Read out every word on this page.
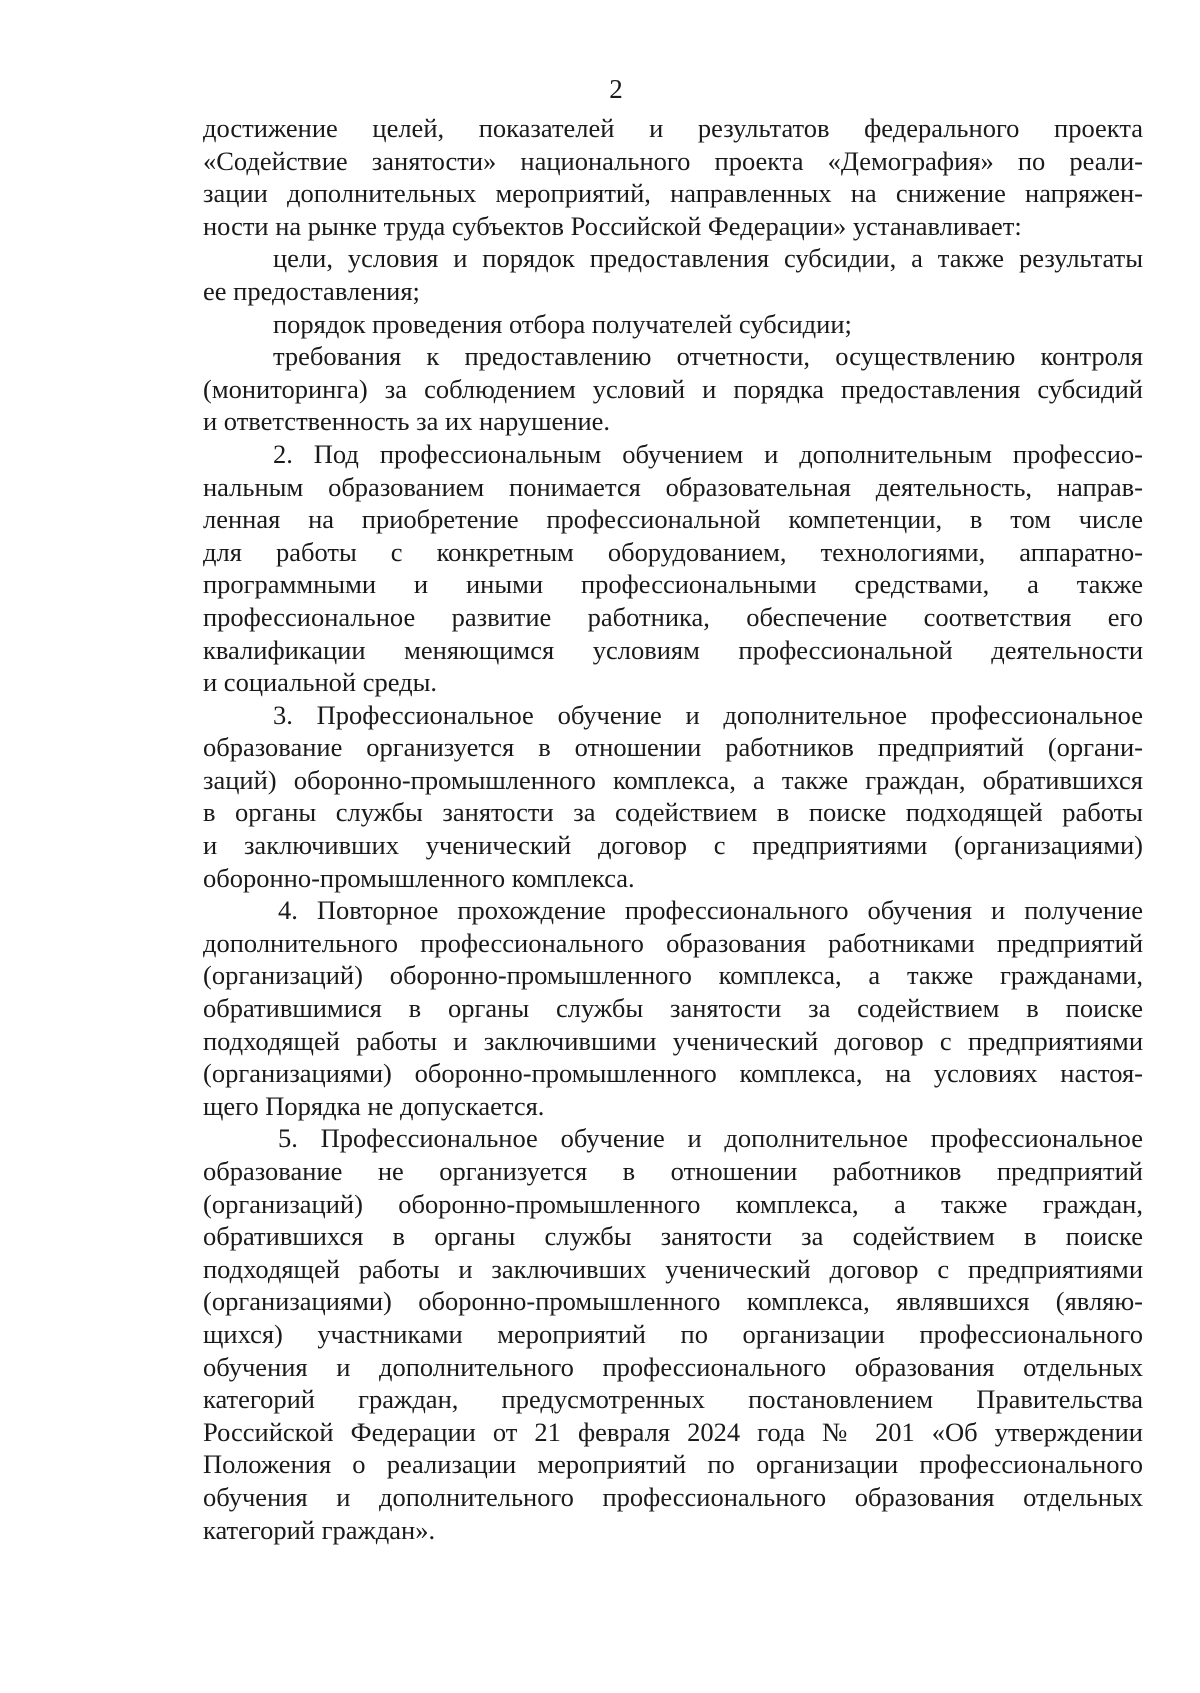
2
достижение целей, показателей и результатов федерального проекта
«Содействие занятости» национального проекта «Демография» по реали-
зации дополнительных мероприятий, направленных на снижение напряжен-
ности на рынке труда субъектов Российской Федерации» устанавливает:
цели, условия и порядок предоставления субсидии, а также результаты
ее предоставления;
порядок проведения отбора получателей субсидии;
требования к предоставлению отчетности, осуществлению контроля
(мониторинга) за соблюдением условий и порядка предоставления субсидий
и ответственность за их нарушение.
2. Под профессиональным обучением и дополнительным профессио-
нальным образованием понимается образовательная деятельность, направ-
ленная на приобретение профессиональной компетенции, в том числе
для работы с конкретным оборудованием, технологиями, аппаратно-
программными и иными профессиональными средствами, а также
профессиональное развитие работника, обеспечение соответствия его
квалификации меняющимся условиям профессиональной деятельности
и социальной среды.
3. Профессиональное обучение и дополнительное профессиональное
образование организуется в отношении работников предприятий (органи-
заций) оборонно-промышленного комплекса, а также граждан, обратившихся
в органы службы занятости за содействием в поиске подходящей работы
и заключивших ученический договор с предприятиями (организациями)
оборонно-промышленного комплекса.
4. Повторное прохождение профессионального обучения и получение
дополнительного профессионального образования работниками предприятий
(организаций) оборонно-промышленного комплекса, а также гражданами,
обратившимися в органы службы занятости за содействием в поиске
подходящей работы и заключившими ученический договор с предприятиями
(организациями) оборонно-промышленного комплекса, на условиях настоя-
щего Порядка не допускается.
5. Профессиональное обучение и дополнительное профессиональное
образование не организуется в отношении работников предприятий
(организаций) оборонно-промышленного комплекса, а также граждан,
обратившихся в органы службы занятости за содействием в поиске
подходящей работы и заключивших ученический договор с предприятиями
(организациями) оборонно-промышленного комплекса, являвшихся (являю-
щихся) участниками мероприятий по организации профессионального
обучения и дополнительного профессионального образования отдельных
категорий граждан, предусмотренных постановлением Правительства
Российской Федерации от 21 февраля 2024 года № 201 «Об утверждении
Положения о реализации мероприятий по организации профессионального
обучения и дополнительного профессионального образования отдельных
категорий граждан».
